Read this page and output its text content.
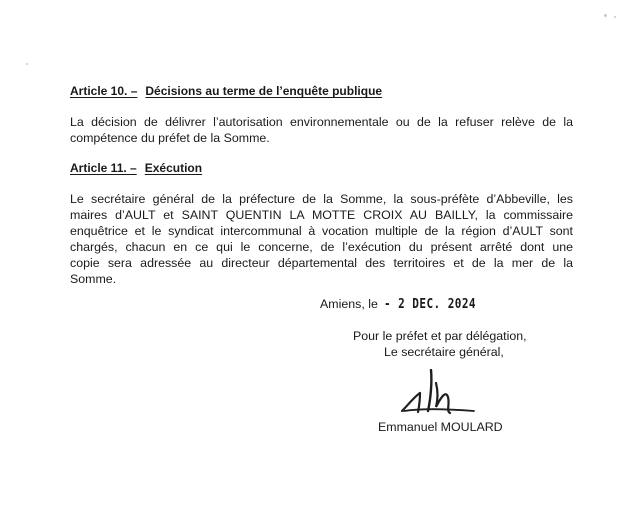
Article 10. – Décisions au terme de l’enquête publique
La décision de délivrer l’autorisation environnementale ou de la refuser relève de la
compétence du préfet de la Somme.
Article 11. – Exécution
Le secrétaire général de la préfecture de la Somme, la sous-préfète d’Abbeville, les
maires d’AULT et SAINT QUENTIN LA MOTTE CROIX AU BAILLY, la commissaire
enquêtrice et le syndicat intercommunal à vocation multiple de la région d’AULT sont
chargés, chacun en ce qui le concerne, de l’exécution du présent arrêté dont une
copie sera adressée au directeur départemental des territoires et de la mer de la
Somme.
Amiens, le - 2 DEC. 2024
Pour le préfet et par délégation,
Le secrétaire général,
Emmanuel MOULARD
